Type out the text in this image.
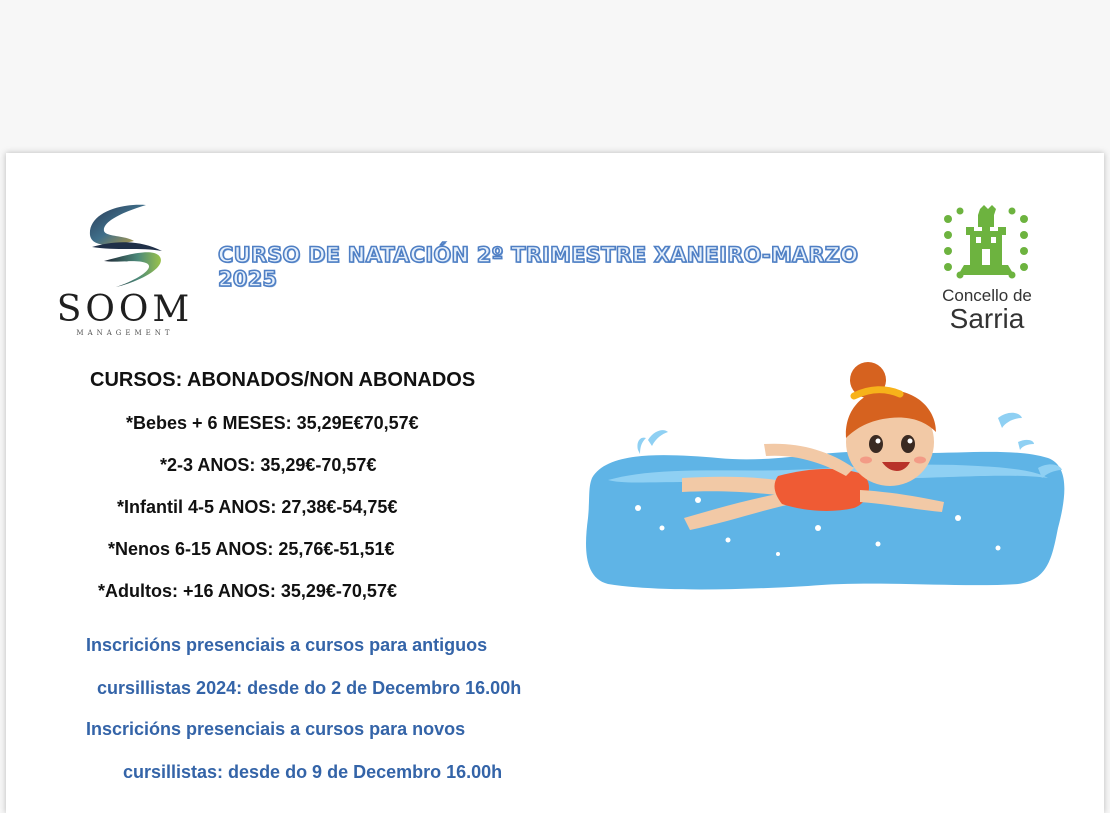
SOOM
MANAGEMENT
CURSO DE NATACIÓN 2º TRIMESTRE XANEIRO-MARZO 2025
Concello de
Sarria
CURSOS: ABONADOS/NON ABONADOS
*Bebes + 6 MESES: 35,29E€70,57€
*2-3 ANOS: 35,29€-70,57€
*Infantil 4-5 ANOS: 27,38€-54,75€
*Nenos 6-15 ANOS: 25,76€-51,51€
*Adultos: +16 ANOS: 35,29€-70,57€
Inscricións presenciais a cursos para antiguos
cursillistas 2024: desde do 2 de Decembro 16.00h
Inscricións presenciais a cursos para novos
cursillistas: desde do 9 de Decembro 16.00h
